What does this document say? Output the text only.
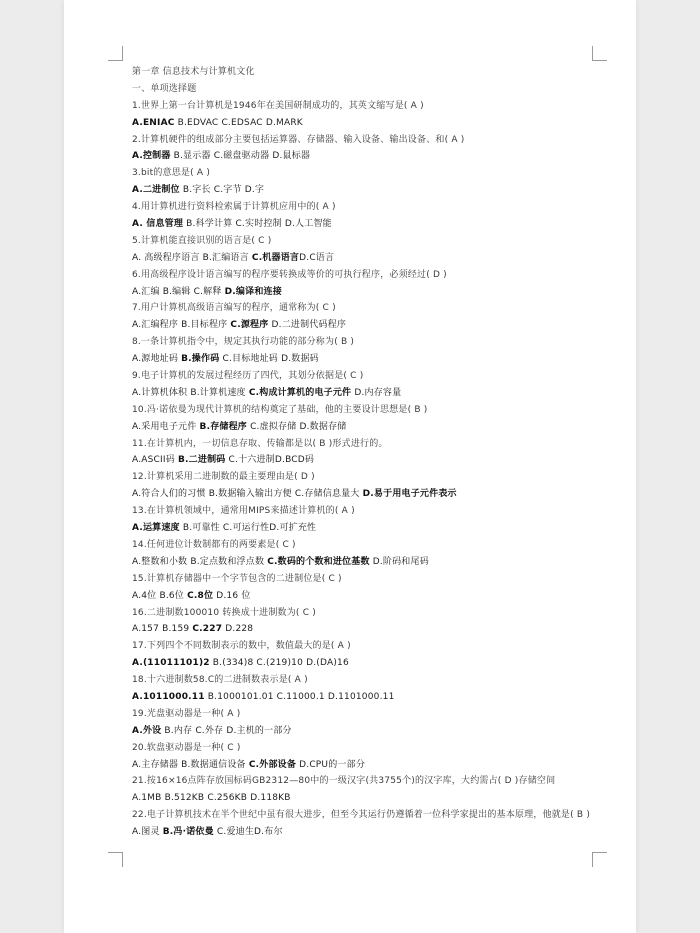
第一章 信息技术与计算机文化
一、单项选择题
1.世界上第一台计算机是1946年在美国研制成功的，其英文缩写是( A )
A.ENIAC B.EDVAC C.EDSAC D.MARK
2.计算机硬件的组成部分主要包括运算器、存储器、输入设备、输出设备、和( A )
A.控制器 B.显示器 C.磁盘驱动器 D.鼠标器
3.bit的意思是( A )
A.二进制位 B.字长 C.字节 D.字
4.用计算机进行资料检索属于计算机应用中的( A )
A. 信息管理 B.科学计算 C.实时控制 D.人工智能
5.计算机能直接识别的语言是( C )
A. 高级程序语言 B.汇编语言 C.机器语言D.C语言
6.用高级程序设计语言编写的程序要转换成等价的可执行程序，必须经过( D )
A.汇编 B.编辑 C.解释 D.编译和连接
7.用户计算机高级语言编写的程序，通常称为( C )
A.汇编程序 B.目标程序 C.源程序 D.二进制代码程序
8.一条计算机指令中，规定其执行功能的部分称为( B )
A.源地址码 B.操作码 C.目标地址码 D.数据码
9.电子计算机的发展过程经历了四代，其划分依据是( C )
A.计算机体积 B.计算机速度 C.构成计算机的电子元件 D.内存容量
10.冯·诺依曼为现代计算机的结构奠定了基础，他的主要设计思想是( B )
A.采用电子元件 B.存储程序 C.虚拟存储 D.数据存储
11.在计算机内，一切信息存取、传输都是以( B )形式进行的。
A.ASCII码 B.二进制码 C.十六进制D.BCD码
12.计算机采用二进制数的最主要理由是( D )
A.符合人们的习惯 B.数据输入输出方便 C.存储信息量大 D.易于用电子元件表示
13.在计算机领域中，通常用MIPS来描述计算机的( A )
A.运算速度 B.可靠性 C.可运行性D.可扩充性
14.任何进位计数制都有的两要素是( C )
A.整数和小数 B.定点数和浮点数 C.数码的个数和进位基数 D.阶码和尾码
15.计算机存储器中一个字节包含的二进制位是( C )
A.4位 B.6位 C.8位 D.16 位
16.二进制数100010 转换成十进制数为( C )
A.157 B.159 C.227 D.228
17.下列四个不同数制表示的数中，数值最大的是( A )
A.(11011101)2 B.(334)8 C.(219)10 D.(DA)16
18.十六进制数58.C的二进制数表示是( A )
A.1011000.11 B.1000101.01 C.11000.1 D.1101000.11
19.光盘驱动器是一种( A )
A.外设 B.内存 C.外存 D.主机的一部分
20.软盘驱动器是一种( C )
A.主存储器 B.数据通信设备 C.外部设备 D.CPU的一部分
21.按16×16点阵存放国标码GB2312—80中的一级汉字(共3755个)的汉字库，大约需占( D )存储空间
A.1MB B.512KB C.256KB D.118KB
22.电子计算机技术在半个世纪中虽有很大进步，但至今其运行仍遵循着一位科学家提出的基本原理，他就是( B )
A.图灵 B.冯·诺依曼 C.爱迪生D.布尔
